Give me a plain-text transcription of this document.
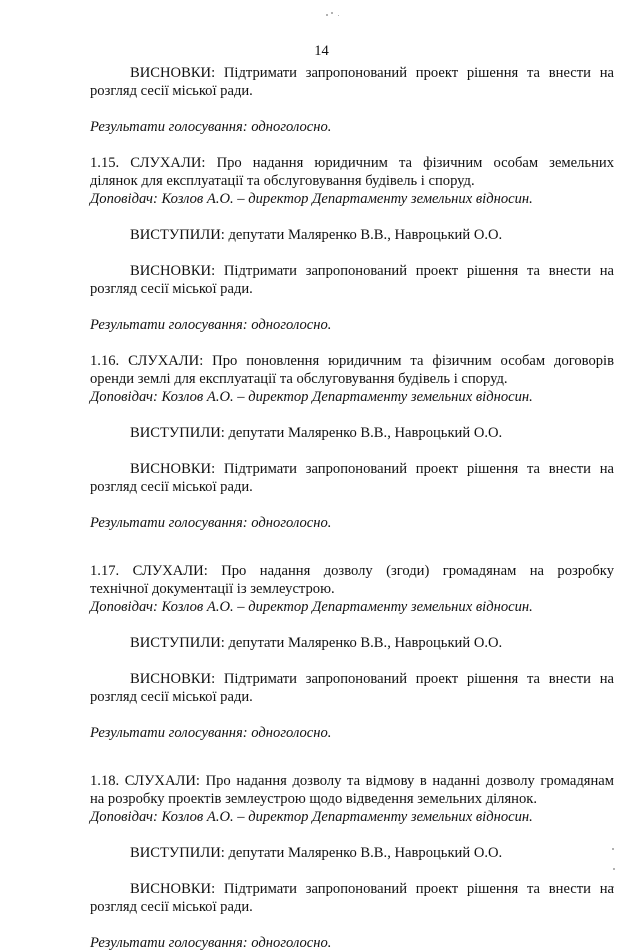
14

ВИСНОВКИ: Підтримати запропонований проект рішення та внести на розгляд сесії міської ради.

Результати голосування: одноголосно.

1.15. СЛУХАЛИ: Про надання юридичним та фізичним особам земельних

ділянок для експлуатації та обслуговування будівель і споруд.

Доповідач: Козлов А.О. – директор Департаменту земельних відносин.

ВИСТУПИЛИ: депутати Маляренко В.В., Навроцький О.О.

ВИСНОВКИ: Підтримати запропонований проект рішення та внести на розгляд сесії міської ради.

Результати голосування: одноголосно.

1.16. СЛУХАЛИ: Про поновлення юридичним та фізичним особам договорів

оренди землі для експлуатації та обслуговування будівель і споруд.

Доповідач: Козлов А.О. – директор Департаменту земельних відносин.

ВИСТУПИЛИ: депутати Маляренко В.В., Навроцький О.О.

ВИСНОВКИ: Підтримати запропонований проект рішення та внести на розгляд сесії міської ради.

Результати голосування: одноголосно.

1.17. СЛУХАЛИ: Про надання дозволу (згоди) громадянам на розробку

технічної документації із землеустрою.

Доповідач: Козлов А.О. – директор Департаменту земельних відносин.

ВИСТУПИЛИ: депутати Маляренко В.В., Навроцький О.О.

ВИСНОВКИ: Підтримати запропонований проект рішення та внести на розгляд сесії міської ради.

Результати голосування: одноголосно.

1.18. СЛУХАЛИ: Про надання дозволу та відмову в наданні дозволу громадянам

на розробку проектів землеустрою щодо відведення земельних ділянок.

Доповідач: Козлов А.О. – директор Департаменту земельних відносин.

ВИСТУПИЛИ: депутати Маляренко В.В., Навроцький О.О.

ВИСНОВКИ: Підтримати запропонований проект рішення та внести на розгляд сесії міської ради.

Результати голосування: одноголосно.
